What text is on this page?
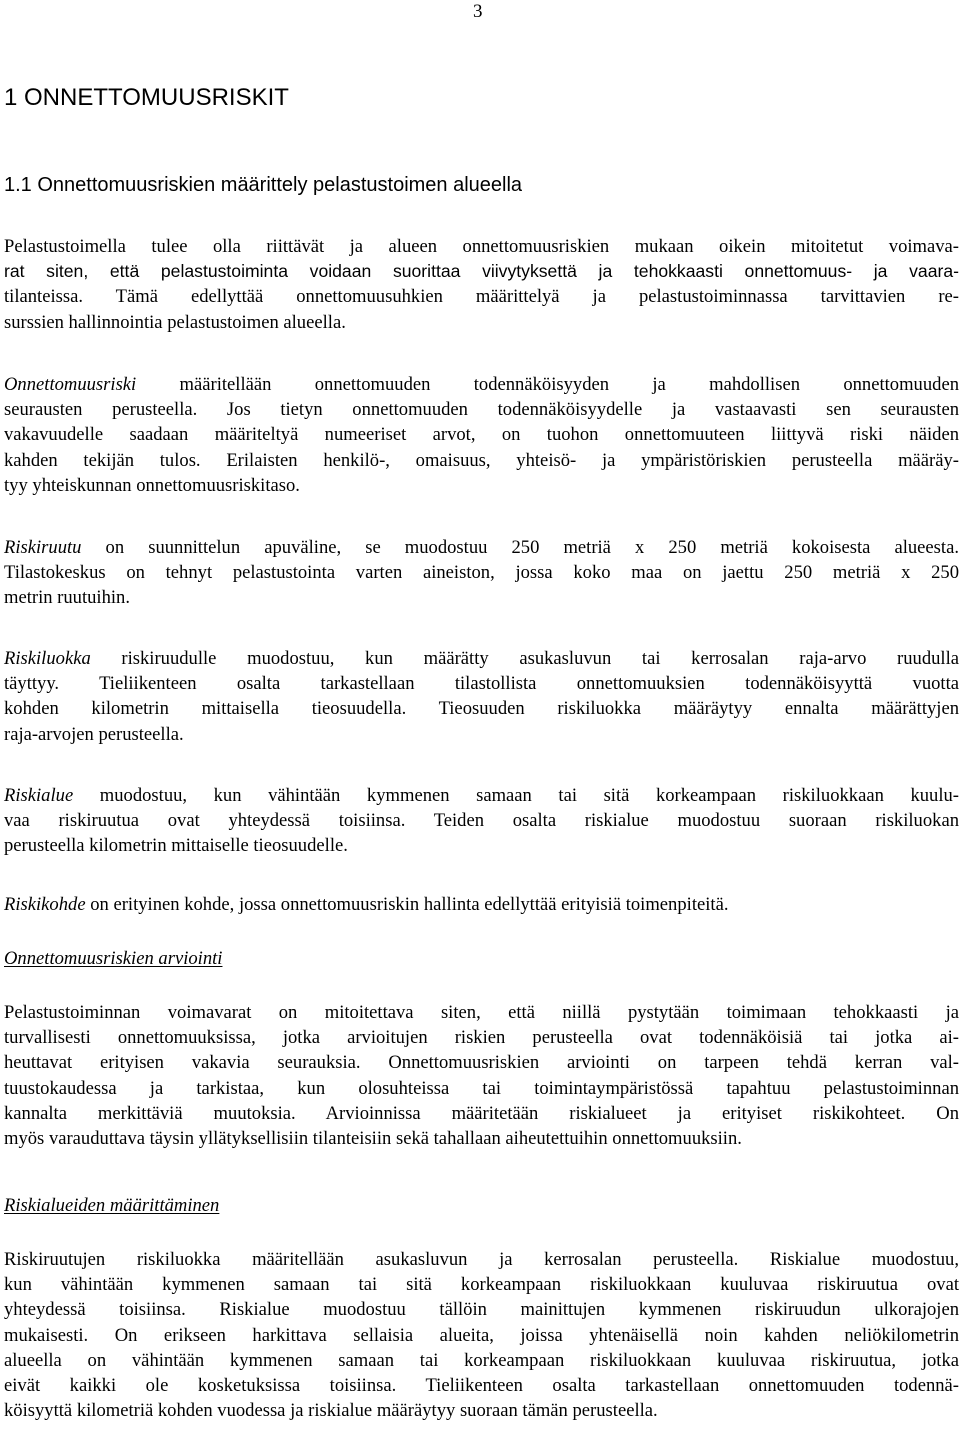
3
1 ONNETTOMUUSRISKIT
1.1 Onnettomuusriskien määrittely pelastustoimen alueella
Pelastustoimella tulee olla riittävät ja alueen onnettomuusriskien mukaan oikein mitoitetut voimava-
rat siten, että pelastustoiminta voidaan suorittaa viivytyksettä ja tehokkaasti onnettomuus- ja vaara-
tilanteissa. Tämä edellyttää onnettomuusuhkien määrittelyä ja pelastustoiminnassa tarvittavien re-
surssien hallinnointia pelastustoimen alueella.
Onnettomuusriski määritellään onnettomuuden todennäköisyyden ja mahdollisen onnettomuuden
seurausten perusteella. Jos tietyn onnettomuuden todennäköisyydelle ja vastaavasti sen seurausten
vakavuudelle saadaan määriteltyä numeeriset arvot, on tuohon onnettomuuteen liittyvä riski näiden
kahden tekijän tulos. Erilaisten henkilö-, omaisuus, yhteisö- ja ympäristöriskien perusteella määräy-
tyy yhteiskunnan onnettomuusriskitaso.
Riskiruutu on suunnittelun apuväline, se muodostuu 250 metriä x 250 metriä kokoisesta alueesta.
Tilastokeskus on tehnyt pelastustointa varten aineiston, jossa koko maa on jaettu 250 metriä x 250
metrin ruutuihin.
Riskiluokka riskiruudulle muodostuu, kun määrätty asukasluvun tai kerrosalan raja-arvo ruudulla
täyttyy. Tieliikenteen osalta tarkastellaan tilastollista onnettomuuksien todennäköisyyttä vuotta
kohden kilometrin mittaisella tieosuudella. Tieosuuden riskiluokka määräytyy ennalta määrättyjen
raja-arvojen perusteella.
Riskialue muodostuu, kun vähintään kymmenen samaan tai sitä korkeampaan riskiluokkaan kuulu-
vaa riskiruutua ovat yhteydessä toisiinsa. Teiden osalta riskialue muodostuu suoraan riskiluokan
perusteella kilometrin mittaiselle tieosuudelle.
Riskikohde on erityinen kohde, jossa onnettomuusriskin hallinta edellyttää erityisiä toimenpiteitä.
Onnettomuusriskien arviointi
Pelastustoiminnan voimavarat on mitoitettava siten, että niillä pystytään toimimaan tehokkaasti ja
turvallisesti onnettomuuksissa, jotka arvioitujen riskien perusteella ovat todennäköisiä tai jotka ai-
heuttavat erityisen vakavia seurauksia. Onnettomuusriskien arviointi on tarpeen tehdä kerran val-
tuustokaudessa ja tarkistaa, kun olosuhteissa tai toimintaympäristössä tapahtuu pelastustoiminnan
kannalta merkittäviä muutoksia. Arvioinnissa määritetään riskialueet ja erityiset riskikohteet. On
myös varauduttava täysin yllätyksellisiin tilanteisiin sekä tahallaan aiheutettuihin onnettomuuksiin.
Riskialueiden määrittäminen
Riskiruutujen riskiluokka määritellään asukasluvun ja kerrosalan perusteella. Riskialue muodostuu,
kun vähintään kymmenen samaan tai sitä korkeampaan riskiluokkaan kuuluvaa riskiruutua ovat
yhteydessä toisiinsa. Riskialue muodostuu tällöin mainittujen kymmenen riskiruudun ulkorajojen
mukaisesti. On erikseen harkittava sellaisia alueita, joissa yhtenäisellä noin kahden neliökilometrin
alueella on vähintään kymmenen samaan tai korkeampaan riskiluokkaan kuuluvaa riskiruutua, jotka
eivät kaikki ole kosketuksissa toisiinsa. Tieliikenteen osalta tarkastellaan onnettomuuden todennä-
köisyyttä kilometriä kohden vuodessa ja riskialue määräytyy suoraan tämän perusteella.
